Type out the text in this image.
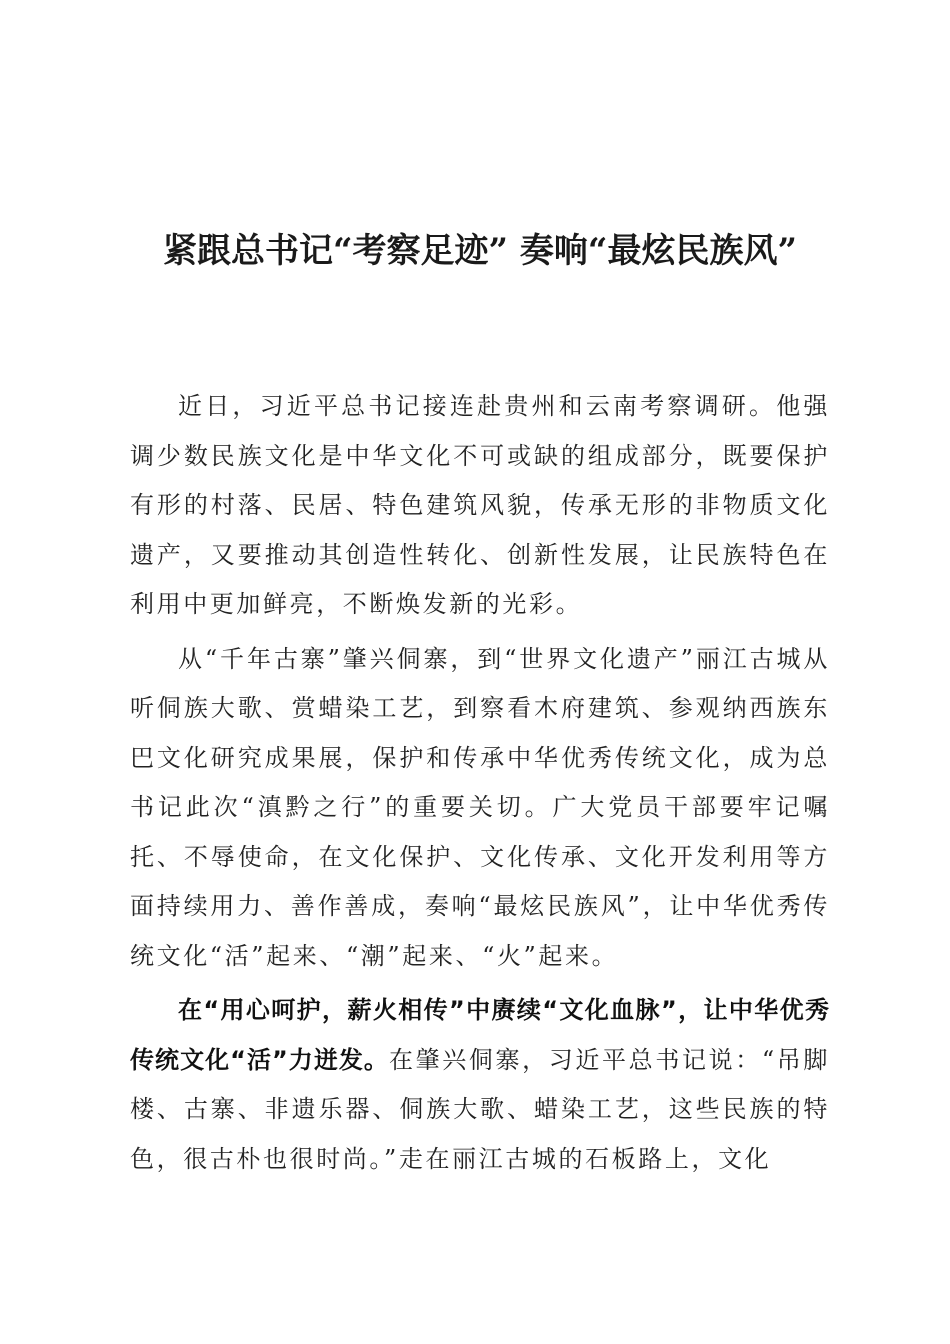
紧跟总书记“考察足迹” 奏响“最炫民族风”

近日，习近平总书记接连赴贵州和云南考察调研。他强调少数民族文化是中华文化不可或缺的组成部分，既要保护有形的村落、民居、特色建筑风貌，传承无形的非物质文化遗产，又要推动其创造性转化、创新性发展，让民族特色在利用中更加鲜亮，不断焕发新的光彩。

从“千年古寨”肇兴侗寨，到“世界文化遗产”丽江古城从听侗族大歌、赏蜡染工艺，到察看木府建筑、参观纳西族东巴文化研究成果展，保护和传承中华优秀传统文化，成为总书记此次“滇黔之行”的重要关切。广大党员干部要牢记嘱托、不辱使命，在文化保护、文化传承、文化开发利用等方面持续用力、善作善成，奏响“最炫民族风”，让中华优秀传统文化“活”起来、“潮”起来、“火”起来。

在“用心呵护，薪火相传”中赓续“文化血脉”，让中华优秀传统文化“活”力迸发。在肇兴侗寨，习近平总书记说：“吊脚楼、古寨、非遗乐器、侗族大歌、蜡染工艺，这些民族的特色，很古朴也很时尚。”走在丽江古城的石板路上，文化
